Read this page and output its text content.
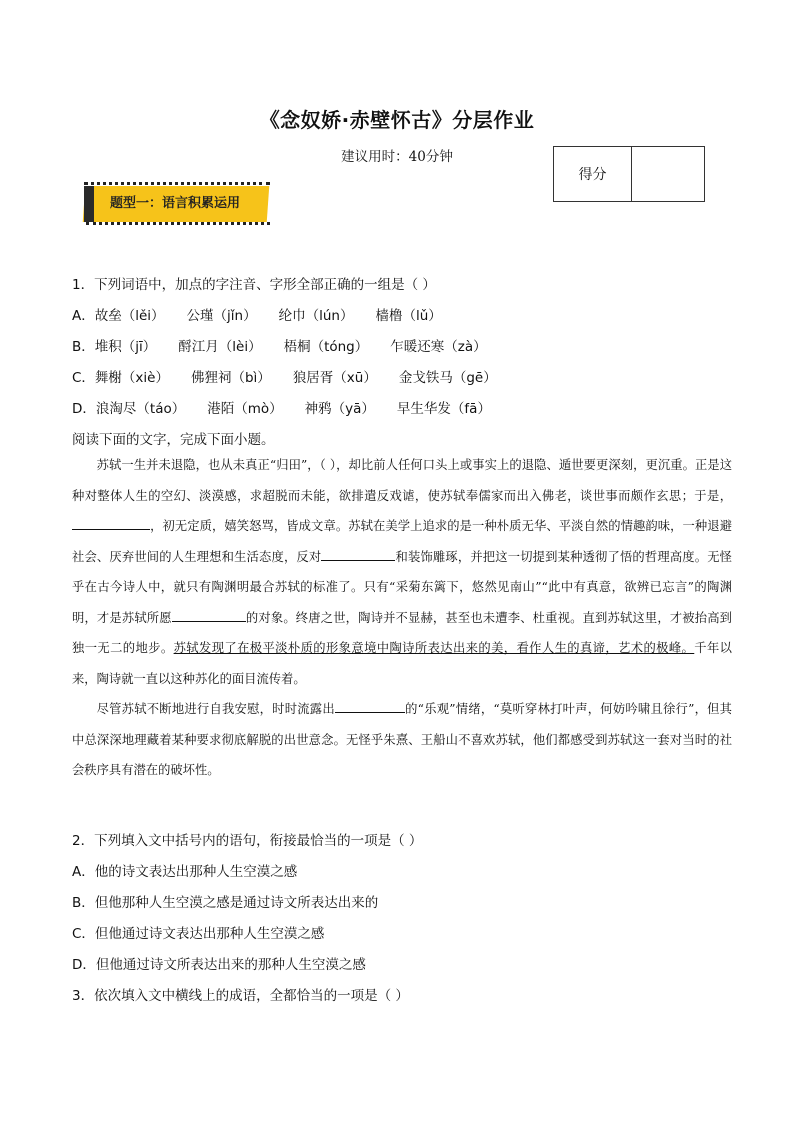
《念奴娇·赤壁怀古》分层作业
建议用时：40分钟
得分
题型一：语言积累运用
1．下列词语中，加点的字注音、字形全部正确的一组是（ ）
A．故垒（lěi） 公瑾（jǐn） 纶巾（lún） 樯橹（lǔ）
B．堆积（jī） 酹江月（lèi） 梧桐（tóng） 乍暖还寒（zà）
C．舞榭（xiè） 佛狸祠（bì） 狼居胥（xū） 金戈铁马（gē）
D．浪淘尽（táo） 港陌（mò） 神鸦（yā） 早生华发（fā）
阅读下面的文字，完成下面小题。

苏轼一生并未退隐，也从未真正“归田”，（ ），却比前人任何口头上或事实上的退隐、遁世要更深刻，更沉重。正是这种对整体人生的空幻、淡漠感，求超脱而未能，欲排遣反戏谑，使苏轼奉儒家而出入佛老，谈世事而颇作玄思；于是，，初无定质，嬉笑怒骂，皆成文章。苏轼在美学上追求的是一种朴质无华、平淡自然的情趣韵味，一种退避社会、厌弃世间的人生理想和生活态度，反对	和装饰雕琢，并把这一切提到某种透彻了悟的哲理高度。无怪乎在古今诗人中，就只有陶渊明最合苏轼的标准了。只有“采菊东篱下，悠然见南山”“此中有真意，欲辨已忘言”的陶渊明，才是苏轼所愿	的对象。终唐之世，陶诗并不显赫，甚至也未遭李、杜重视。直到苏轼这里，才被抬高到独一无二的地步。苏轼发现了在极平淡朴质的形象意境中陶诗所表达出来的美，看作人生的真谛，艺术的极峰。千年以来，陶诗就一直以这种苏化的面目流传着。

尽管苏轼不断地进行自我安慰，时时流露出	的“乐观”情绪，“莫听穿林打叶声，何妨吟啸且徐行”，但其中总深深地理藏着某种要求彻底解脱的出世意念。无怪乎朱熹、王船山不喜欢苏轼，他们都感受到苏轼这一套对当时的社会秩序具有潜在的破坏性。

2．下列填入文中括号内的语句，衔接最恰当的一项是（ ）
A．他的诗文表达出那种人生空漠之感
B．但他那种人生空漠之感是通过诗文所表达出来的
C．但他通过诗文表达出那种人生空漠之感
D．但他通过诗文所表达出来的那种人生空漠之感
3．依次填入文中横线上的成语，全都恰当的一项是（ ）
